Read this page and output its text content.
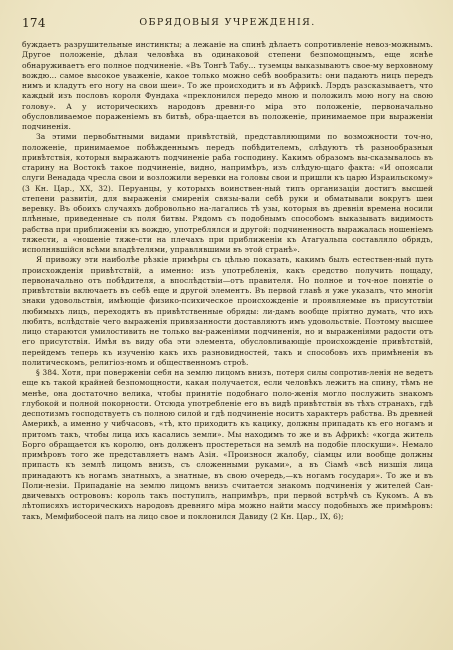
174	ОБРЯДОВЫЯ УЧРЕЖДЕНІЯ.

буждаетъ разрушительные инстинкты; а лежаніе на спинѣ дѣлаетъ сопротивленіе невоз-можнымъ. Другое положеніе, дѣлая человѣка въ одинаковой степени безпомощнымъ, еще яснѣе обнаруживаетъ его полное подчиненіе. «Въ Тонгѣ Табу... туземцы выказываютъ свое-му верховному вождю... самое высокое уваженіе, какое только можно себѣ вообразить: они падаютъ ницъ передъ нимъ и кладутъ его ногу на свои шеи». То же происходитъ и въ Африкѣ. Лэрдъ разсказываетъ, что каждый изъ пословъ короля Фундаха «преклонился передо мною и положилъ мою ногу на свою голову». А у историческихъ народовъ древня-го міра это положеніе, первоначально обусловливаемое пораженіемъ въ битвѣ, обра-щается въ положеніе, принимаемое при выраженіи подчиненія.

За этими первобытными видами привѣтствій, представляющими по возможности точ-но, положеніе, принимаемое побѣжденнымъ передъ побѣдителемъ, слѣдуютъ тѣ разнообразныя привѣтствія, которыя выражаютъ подчиненіе раба господину. Какимъ образомъ вы-сказывалось въ старину на Востокѣ такое подчиненіе, видно, напримѣръ, изъ слѣдую-щаго факта: «И опоясали слуги Венадада чресла свои и возложили веревки на головы свои и пришли къ царю Израильскому» (3 Кн. Цар., XX, 32). Перуанцы, у которыхъ воинствен-ный типъ организаціи достигъ высшей степени развитія, для выраженія смиренія связы-вали себѣ руки и обматывали вокругъ шеи веревку. Въ обоихъ случаяхъ добровольно на-лагались тѣ узы, которыя въ древнія времена носили плѣнные, приведенные съ поля битвы. Рядомъ съ подобнымъ способомъ выказывать видимость рабства при приближеніи къ вождю, употреблялся и другой: подчиненность выражалась ношеніемъ тяжести, а «ношеніе тяже-сти на плечахъ при приближеніи къ Атагуальпа составляло обрядъ, исполнявшійся всѣми владѣтелями, управлявшими въ этой странѣ».

Я привожу эти наиболѣе рѣзкіе примѣры съ цѣлью показать, какимъ былъ естествен-ный путь происхожденія привѣтствій, а именно: изъ употребленія, какъ средство получить пощаду, первоначально отъ побѣдителя, а впослѣдствіи—отъ правителя. Но полное и точ-ное понятіе о привѣтствіи включаетъ въ себѣ еще и другой элементъ. Въ первой главѣ я уже указалъ, что многія знаки удовольствія, имѣющіе физико-психическое происхожденіе и проявляемые въ присутствіи любимыхъ лицъ, переходятъ въ привѣтственные обряды: ли-дамъ вообще пріятно думать, что ихъ любятъ, вслѣдствіе чего выраженія привязанности доставляютъ имъ удовольствіе. Поэтому высшее лицо стараются умилостивить не только вы-раженіями подчиненія, но и выраженіями радости отъ его присутствія. Имѣя въ виду оба эти элемента, обусловливающіе происхожденіе привѣтствій, перейдемъ теперь къ изученію какъ ихъ разновидностей, такъ и способовъ ихъ примѣненія въ политическомъ, религіоз-номъ и общественномъ строѣ.

§ 384. Хотя, при поверженіи себя на землю лицомъ внизъ, потеря силы сопротив-ленія не ведетъ еще къ такой крайней безпомощности, какая получается, если человѣкъ лежитъ на спину, тѣмъ не менѣе, она достаточно велика, чтобы принятіе подобнаго поло-женія могло послужить знакомъ глубокой и полной покорности. Отсюда употребленіе его въ видѣ привѣтствія въ тѣхъ странахъ, гдѣ деспотизмъ господствуетъ съ полною силой и гдѣ подчиненіе носитъ характеръ рабства. Въ древней Америкѣ, а именно у чибчасовъ, «тѣ, кто приходитъ къ кацику, должны припадать къ его ногамъ и притомъ такъ, чтобы лица ихъ касались земли». Мы находимъ то же и въ Африкѣ: «когда житель Борго обращается къ королю, онъ долженъ простереться на землѣ на подобіе плоскуши». Немало примѣровъ того же представляетъ намъ Азія. «Произнося жалобу, сіамцы или вообще должны припасть къ землѣ лицомъ внизъ, съ сложенными руками», а въ Сіамѣ «всѣ низшія лица принадаютъ къ ногамъ знатныхъ, а знатные, въ свою очередь,—къ ногамъ государя». То же и въ Поли-незіи. Припаданіе на землю лицомъ внизъ считается знакомъ подчиненія у жителей Сан-двичевыхъ острововъ: король такъ поступилъ, напримѣръ, при первой встрѣчѣ съ Кукомъ. А въ лѣтописяхъ историческихъ народовъ древняго міра можно найти массу подобныхъ же примѣровъ: такъ, Мемфибосеой палъ на лицо свое и поклонился Давиду (2 Кн. Цар., IX, 6);
